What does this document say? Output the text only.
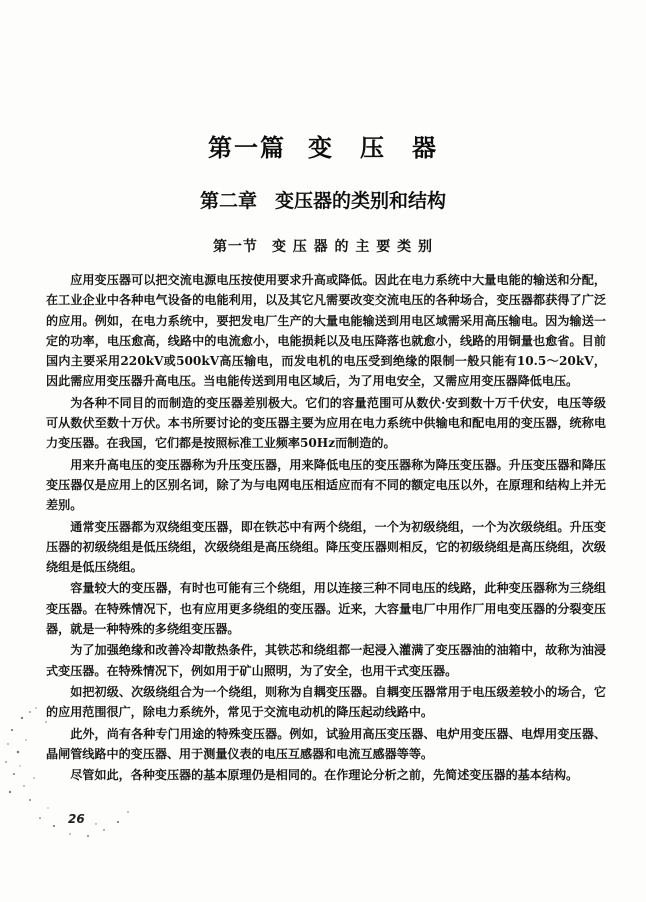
第一篇 变　压　器
第二章 变压器的类别和结构
第一节 变 压 器 的 主 要 类 别

应用变压器可以把交流电源电压按使用要求升高或降低。因此在电力系统中大量电能的输送和分配，在工业企业中各种电气设备的电能利用，以及其它凡需要改变交流电压的各种场合，变压器都获得了广泛的应用。例如，在电力系统中，要把发电厂生产的大量电能输送到用电区域需采用高压输电。因为输送一定的功率，电压愈高，线路中的电流愈小，电能损耗以及电压降落也就愈小，线路的用铜量也愈省。目前国内主要采用220kV或500kV高压输电，而发电机的电压受到绝缘的限制一般只能有10.5～20kV，因此需应用变压器升高电压。当电能传送到用电区域后，为了用电安全，又需应用变压器降低电压。

为各种不同目的而制造的变压器差别极大。它们的容量范围可从数伏·安到数十万千伏安，电压等级可从数伏至数十万伏。本书所要讨论的变压器主要为应用在电力系统中供输电和配电用的变压器，统称电力变压器。在我国，它们都是按照标准工业频率50Hz而制造的。

用来升高电压的变压器称为升压变压器，用来降低电压的变压器称为降压变压器。升压变压器和降压变压器仅是应用上的区别名词，除了为与电网电压相适应而有不同的额定电压以外，在原理和结构上并无差别。

通常变压器都为双绕组变压器，即在铁芯中有两个绕组，一个为初级绕组，一个为次级绕组。升压变压器的初级绕组是低压绕组，次级绕组是高压绕组。降压变压器则相反，它的初级绕组是高压绕组，次级绕组是低压绕组。

容量较大的变压器，有时也可能有三个绕组，用以连接三种不同电压的线路，此种变压器称为三绕组变压器。在特殊情况下，也有应用更多绕组的变压器。近来，大容量电厂中用作厂用电变压器的分裂变压器，就是一种特殊的多绕组变压器。

为了加强绝缘和改善冷却散热条件，其铁芯和绕组都一起浸入灌满了变压器油的油箱中，故称为油浸式变压器。在特殊情况下，例如用于矿山照明，为了安全，也用干式变压器。

如把初级、次级绕组合为一个绕组，则称为自耦变压器。自耦变压器常用于电压级差较小的场合，它的应用范围很广，除电力系统外，常见于交流电动机的降压起动线路中。

此外，尚有各种专门用途的特殊变压器。例如，试验用高压变压器、电炉用变压器、电焊用变压器、晶闸管线路中的变压器、用于测量仪表的电压互感器和电流互感器等等。

尽管如此，各种变压器的基本原理仍是相同的。在作理论分析之前，先简述变压器的基本结构。

26
